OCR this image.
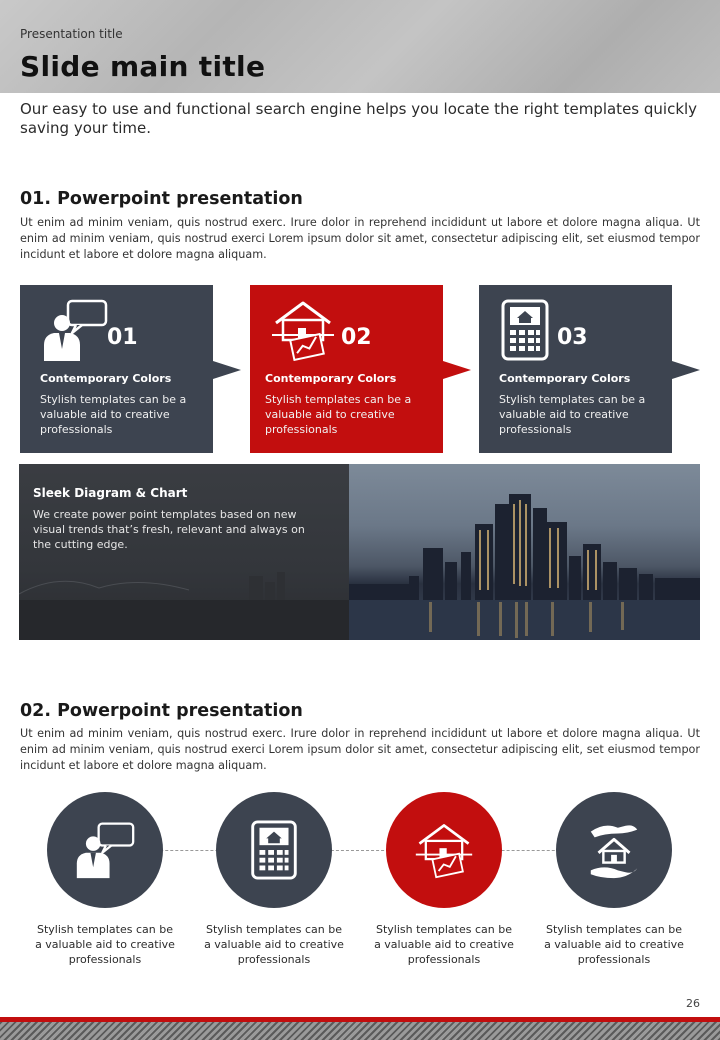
Presentation title
Slide main title
Our easy to use and functional search engine helps you locate the right templates quickly saving your time.
01. Powerpoint presentation
Ut enim ad minim veniam, quis nostrud exerc. Irure dolor in reprehend incididunt ut labore et dolore magna aliqua. Ut enim ad minim veniam, quis nostrud exerci Lorem ipsum dolor sit amet, consectetur adipiscing elit, set eiusmod tempor incidunt et labore et dolore magna aliquam.
01
Contemporary Colors
Stylish templates can be a valuable aid to creative professionals
02
Contemporary Colors
Stylish templates can be a valuable aid to creative professionals
03
Contemporary Colors
Stylish templates can be a valuable aid to creative professionals
Sleek Diagram & Chart
We create power point templates based on new visual trends that’s fresh, relevant and always on the cutting edge.
02. Powerpoint presentation
Ut enim ad minim veniam, quis nostrud exerc. Irure dolor in reprehend incididunt ut labore et dolore magna aliqua. Ut enim ad minim veniam, quis nostrud exerci Lorem ipsum dolor sit amet, consectetur adipiscing elit, set eiusmod tempor incidunt et labore et dolore magna aliquam.
Stylish templates can be a valuable aid to creative professionals
Stylish templates can be a valuable aid to creative professionals
Stylish templates can be a valuable aid to creative professionals
Stylish templates can be a valuable aid to creative professionals
26
